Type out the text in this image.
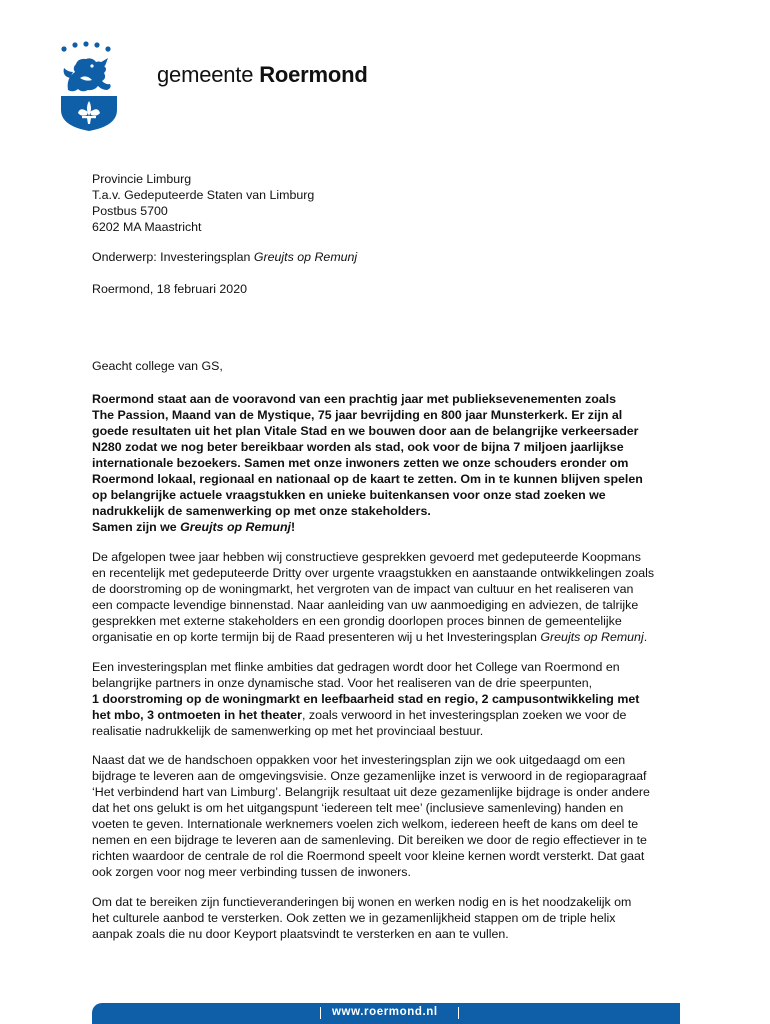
gemeente Roermond
Provincie Limburg
T.a.v. Gedeputeerde Staten van Limburg
Postbus 5700
6202 MA Maastricht
Onderwerp: Investeringsplan Greujts op Remunj
Roermond, 18 februari 2020
Geacht college van GS,
Roermond staat aan de vooravond van een prachtig jaar met publieksevenementen zoals
The Passion, Maand van de Mystique, 75 jaar bevrijding en 800 jaar Munsterkerk. Er zijn al
goede resultaten uit het plan Vitale Stad en we bouwen door aan de belangrijke verkeersader
N280 zodat we nog beter bereikbaar worden als stad, ook voor de bijna 7 miljoen jaarlijkse
internationale bezoekers. Samen met onze inwoners zetten we onze schouders eronder om
Roermond lokaal, regionaal en nationaal op de kaart te zetten. Om in te kunnen blijven spelen
op belangrijke actuele vraagstukken en unieke buitenkansen voor onze stad zoeken we
nadrukkelijk de samenwerking op met onze stakeholders.
Samen zijn we Greujts op Remunj!
De afgelopen twee jaar hebben wij constructieve gesprekken gevoerd met gedeputeerde Koopmans
en recentelijk met gedeputeerde Dritty over urgente vraagstukken en aanstaande ontwikkelingen zoals
de doorstroming op de woningmarkt, het vergroten van de impact van cultuur en het realiseren van
een compacte levendige binnenstad. Naar aanleiding van uw aanmoediging en adviezen, de talrijke
gesprekken met externe stakeholders en een grondig doorlopen proces binnen de gemeentelijke
organisatie en op korte termijn bij de Raad presenteren wij u het Investeringsplan Greujts op Remunj.
Een investeringsplan met flinke ambities dat gedragen wordt door het College van Roermond en
belangrijke partners in onze dynamische stad. Voor het realiseren van de drie speerpunten,
1 doorstroming op de woningmarkt en leefbaarheid stad en regio, 2 campusontwikkeling met
het mbo, 3 ontmoeten in het theater, zoals verwoord in het investeringsplan zoeken we voor de
realisatie nadrukkelijk de samenwerking op met het provinciaal bestuur.
Naast dat we de handschoen oppakken voor het investeringsplan zijn we ook uitgedaagd om een
bijdrage te leveren aan de omgevingsvisie. Onze gezamenlijke inzet is verwoord in de regioparagraaf
‘Het verbindend hart van Limburg’. Belangrijk resultaat uit deze gezamenlijke bijdrage is onder andere
dat het ons gelukt is om het uitgangspunt ‘iedereen telt mee’ (inclusieve samenleving) handen en
voeten te geven. Internationale werknemers voelen zich welkom, iedereen heeft de kans om deel te
nemen en een bijdrage te leveren aan de samenleving. Dit bereiken we door de regio effectiever in te
richten waardoor de centrale de rol die Roermond speelt voor kleine kernen wordt versterkt. Dat gaat
ook zorgen voor nog meer verbinding tussen de inwoners.
Om dat te bereiken zijn functieveranderingen bij wonen en werken nodig en is het noodzakelijk om
het culturele aanbod te versterken. Ook zetten we in gezamenlijkheid stappen om de triple helix
aanpak zoals die nu door Keyport plaatsvindt te versterken en aan te vullen.
www.roermond.nl
